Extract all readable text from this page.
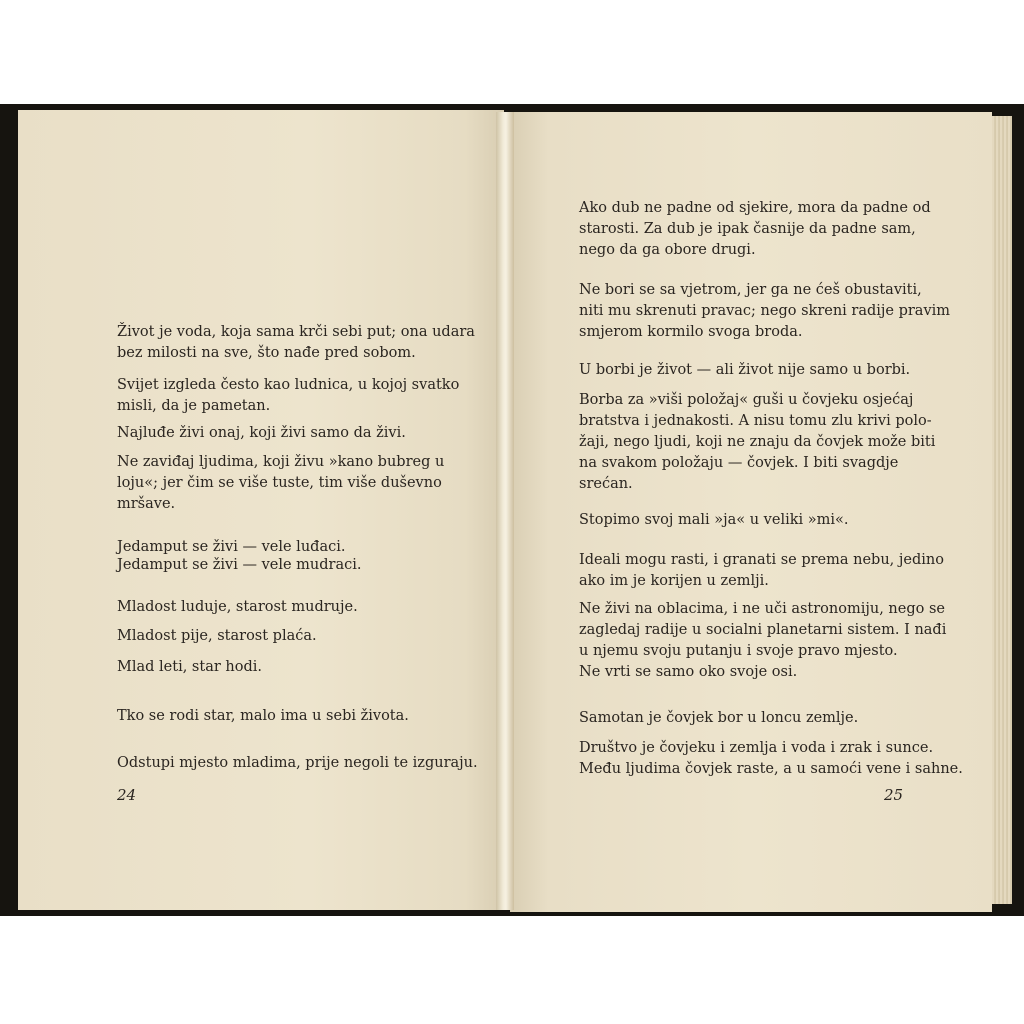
Život je voda, koja sama krči sebi put; ona udara
bez milosti na sve, što nađe pred sobom.
Svijet izgleda često kao ludnica, u kojoj svatko
misli, da je pametan.
Najluđe živi onaj, koji živi samo da živi.
Ne zaviđaj ljudima, koji živu »kano bubreg u
loju«; jer čim se više tuste, tim više duševno
mršave.
Jedamput se živi — vele luđaci.
Jedamput se živi — vele mudraci.
Mladost luduje, starost mudruje.
Mladost pije, starost plaća.
Mlad leti, star hodi.
Tko se rodi star, malo ima u sebi života.
Odstupi mjesto mladima, prije negoli te izguraju.
24
Ako dub ne padne od sjekire, mora da padne od
starosti. Za dub je ipak časnije da padne sam,
nego da ga obore drugi.
Ne bori se sa vjetrom, jer ga ne ćeš obustaviti,
niti mu skrenuti pravac; nego skreni radije pravim
smjerom kormilo svoga broda.
U borbi je život — ali život nije samo u borbi.
Borba za »viši položaj« guši u čovjeku osjećaj
bratstva i jednakosti. A nisu tomu zlu krivi polo-
žaji, nego ljudi, koji ne znaju da čovjek može biti
na svakom položaju — čovjek. I biti svagdje
srećan.
Stopimo svoj mali »ja« u veliki »mi«.
Ideali mogu rasti, i granati se prema nebu, jedino
ako im je korijen u zemlji.
Ne živi na oblacima, i ne uči astronomiju, nego se
zagledaj radije u socialni planetarni sistem. I nađi
u njemu svoju putanju i svoje pravo mjesto.
Ne vrti se samo oko svoje osi.
Samotan je čovjek bor u loncu zemlje.
Društvo je čovjeku i zemlja i voda i zrak i sunce.
Među ljudima čovjek raste, a u samoći vene i sahne.
25
